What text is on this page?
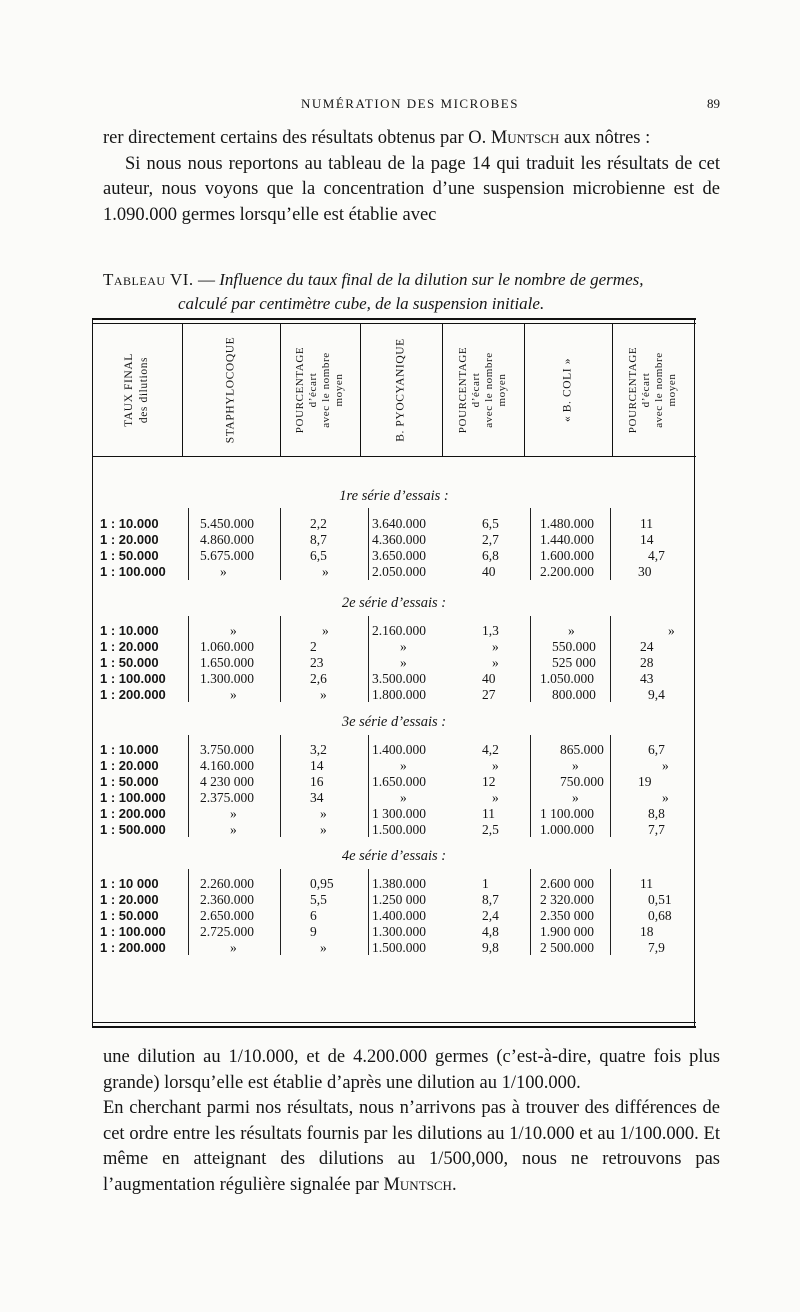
NUMÉRATION DES MICROBES	89

rer directement certains des résultats obtenus par O. Muntsch aux nôtres :

Si nous nous reportons au tableau de la page 14 qui traduit les résultats de cet auteur, nous voyons que la concentration d’une suspension microbienne est de 1.090.000 germes lorsqu’elle est établie avec

Tableau VI. — Influence du taux final de la dilution sur le nombre de germes,
calculé par centimètre cube, de la suspension initiale.
TAUX FINAL
des dilutions	STAPHYLOCOQUE	POURCENTAGE
d’écart
avec le nombre
moyen	B. PYOCYANIQUE	POURCENTAGE
d’écart
avec le nombre
moyen	« B. COLI »	POURCENTAGE
d’écart
avec le nombre
moyen
1re série d’essais :
1 : 10.000	5.450.000	2,2	3.640.000	6,5	1.480.000	11
1 : 20.000	4.860.000	8,7	4.360.000	2,7	1.440.000	14
1 : 50.000	5.675.000	6,5	3.650.000	6,8	1.600.000	4,7
1 : 100.000	»	»	2.050.000	40	2.200.000	30
2e série d’essais :
1 : 10.000	»	»	2.160.000	1,3	»	»
1 : 20.000	1.060.000	2	»	»	550.000	24
1 : 50.000	1.650.000	23	»	»	525 000	28
1 : 100.000	1.300.000	2,6	3.500.000	40	1.050.000	43
1 : 200.000	»	»	1.800.000	27	800.000	9,4
3e série d’essais :
1 : 10.000	3.750.000	3,2	1.400.000	4,2	865.000	6,7
1 : 20.000	4.160.000	14	»	»	»	»
1 : 50.000	4 230 000	16	1.650.000	12	750.000	19
1 : 100.000	2.375.000	34	»	»	»	»
1 : 200.000	»	»	1 300.000	11	1 100.000	8,8
1 : 500.000	»	»	1.500.000	2,5	1.000.000	7,7
4e série d’essais :
1 : 10 000	2.260.000	0,95	1.380.000	1	2.600 000	11
1 : 20.000	2.360.000	5,5	1.250 000	8,7	2 320.000	0,51
1 : 50.000	2.650.000	6	1.400.000	2,4	2.350 000	0,68
1 : 100.000	2.725.000	9	1.300.000	4,8	1.900 000	18
1 : 200.000	»	»	1.500.000	9,8	2 500.000	7,9

une dilution au 1/10.000, et de 4.200.000 germes (c’est-à-dire, quatre fois plus grande) lorsqu’elle est établie d’après une dilution au 1/100.000.

En cherchant parmi nos résultats, nous n’arrivons pas à trouver des différences de cet ordre entre les résultats fournis par les dilutions au 1/10.000 et au 1/100.000. Et même en atteignant des dilutions au 1/500,000, nous ne retrouvons pas l’augmentation régulière signalée par Muntsch.
